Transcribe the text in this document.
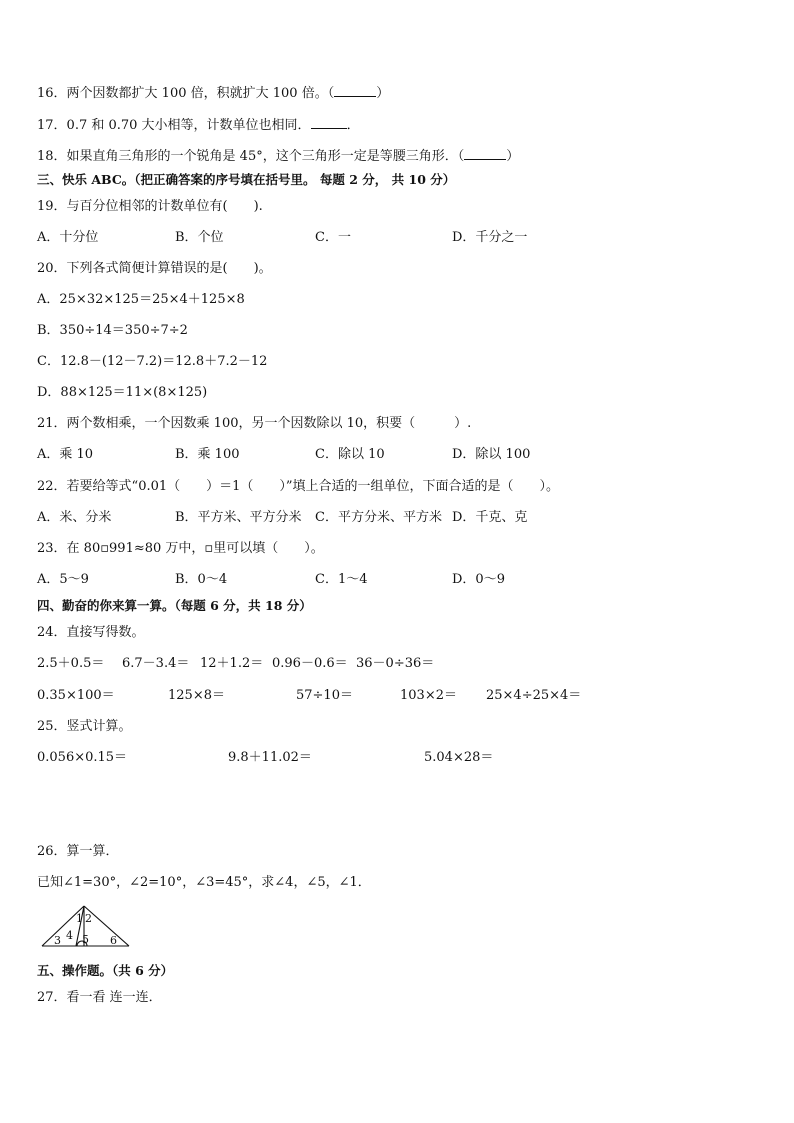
16．两个因数都扩大 100 倍，积就扩大 100 倍。（	）
17．0.7 和 0.70 大小相等，计数单位也相同．	．
18．如果直角三角形的一个锐角是 45°，这个三角形一定是等腰三角形．（	）
三、快乐 ABC。（把正确答案的序号填在括号里。 每题 2 分， 共 10 分）
19．与百分位相邻的计数单位有(　　).
A．十分位	B．个位	C．一	D．千分之一
20．下列各式简便计算错误的是(　　)。
A．25×32×125＝25×4＋125×8
B．350÷14＝350÷7÷2
C．12.8－(12－7.2)＝12.8＋7.2－12
D．88×125＝11×(8×125)
21．两个数相乘，一个因数乘 100，另一个因数除以 10，积要（　　　）.
A．乘 10	B．乘 100	C．除以 10	D．除以 100
22．若要给等式“0.01（　　）＝1（　　）”填上合适的一组单位，下面合适的是（　　）。
A．米、分米	B．平方米、平方分米 C．平方分米、平方米 D．千克、克
23．在 80▫991≈80 万中，▫里可以填（　　）。
A．5～9	B．0～4	C．1～4	D．0～9
四、勤奋的你来算一算。（每题 6 分，共 18 分）
24．直接写得数。
2.5＋0.5＝ 6.7－3.4＝ 12＋1.2＝ 0.96－0.6＝ 36－0÷36＝
0.35×100＝	125×8＝	57÷10＝	103×2＝ 25×4÷25×4＝
25．竖式计算。
0.056×0.15＝	9.8＋11.02＝	5.04×28＝
26．算一算．
已知∠1=30°，∠2=10°，∠3=45°，求∠4，∠5，∠1．
1 2
3 4 5 6
五、操作题。（共 6 分）
27．看一看 连一连．
